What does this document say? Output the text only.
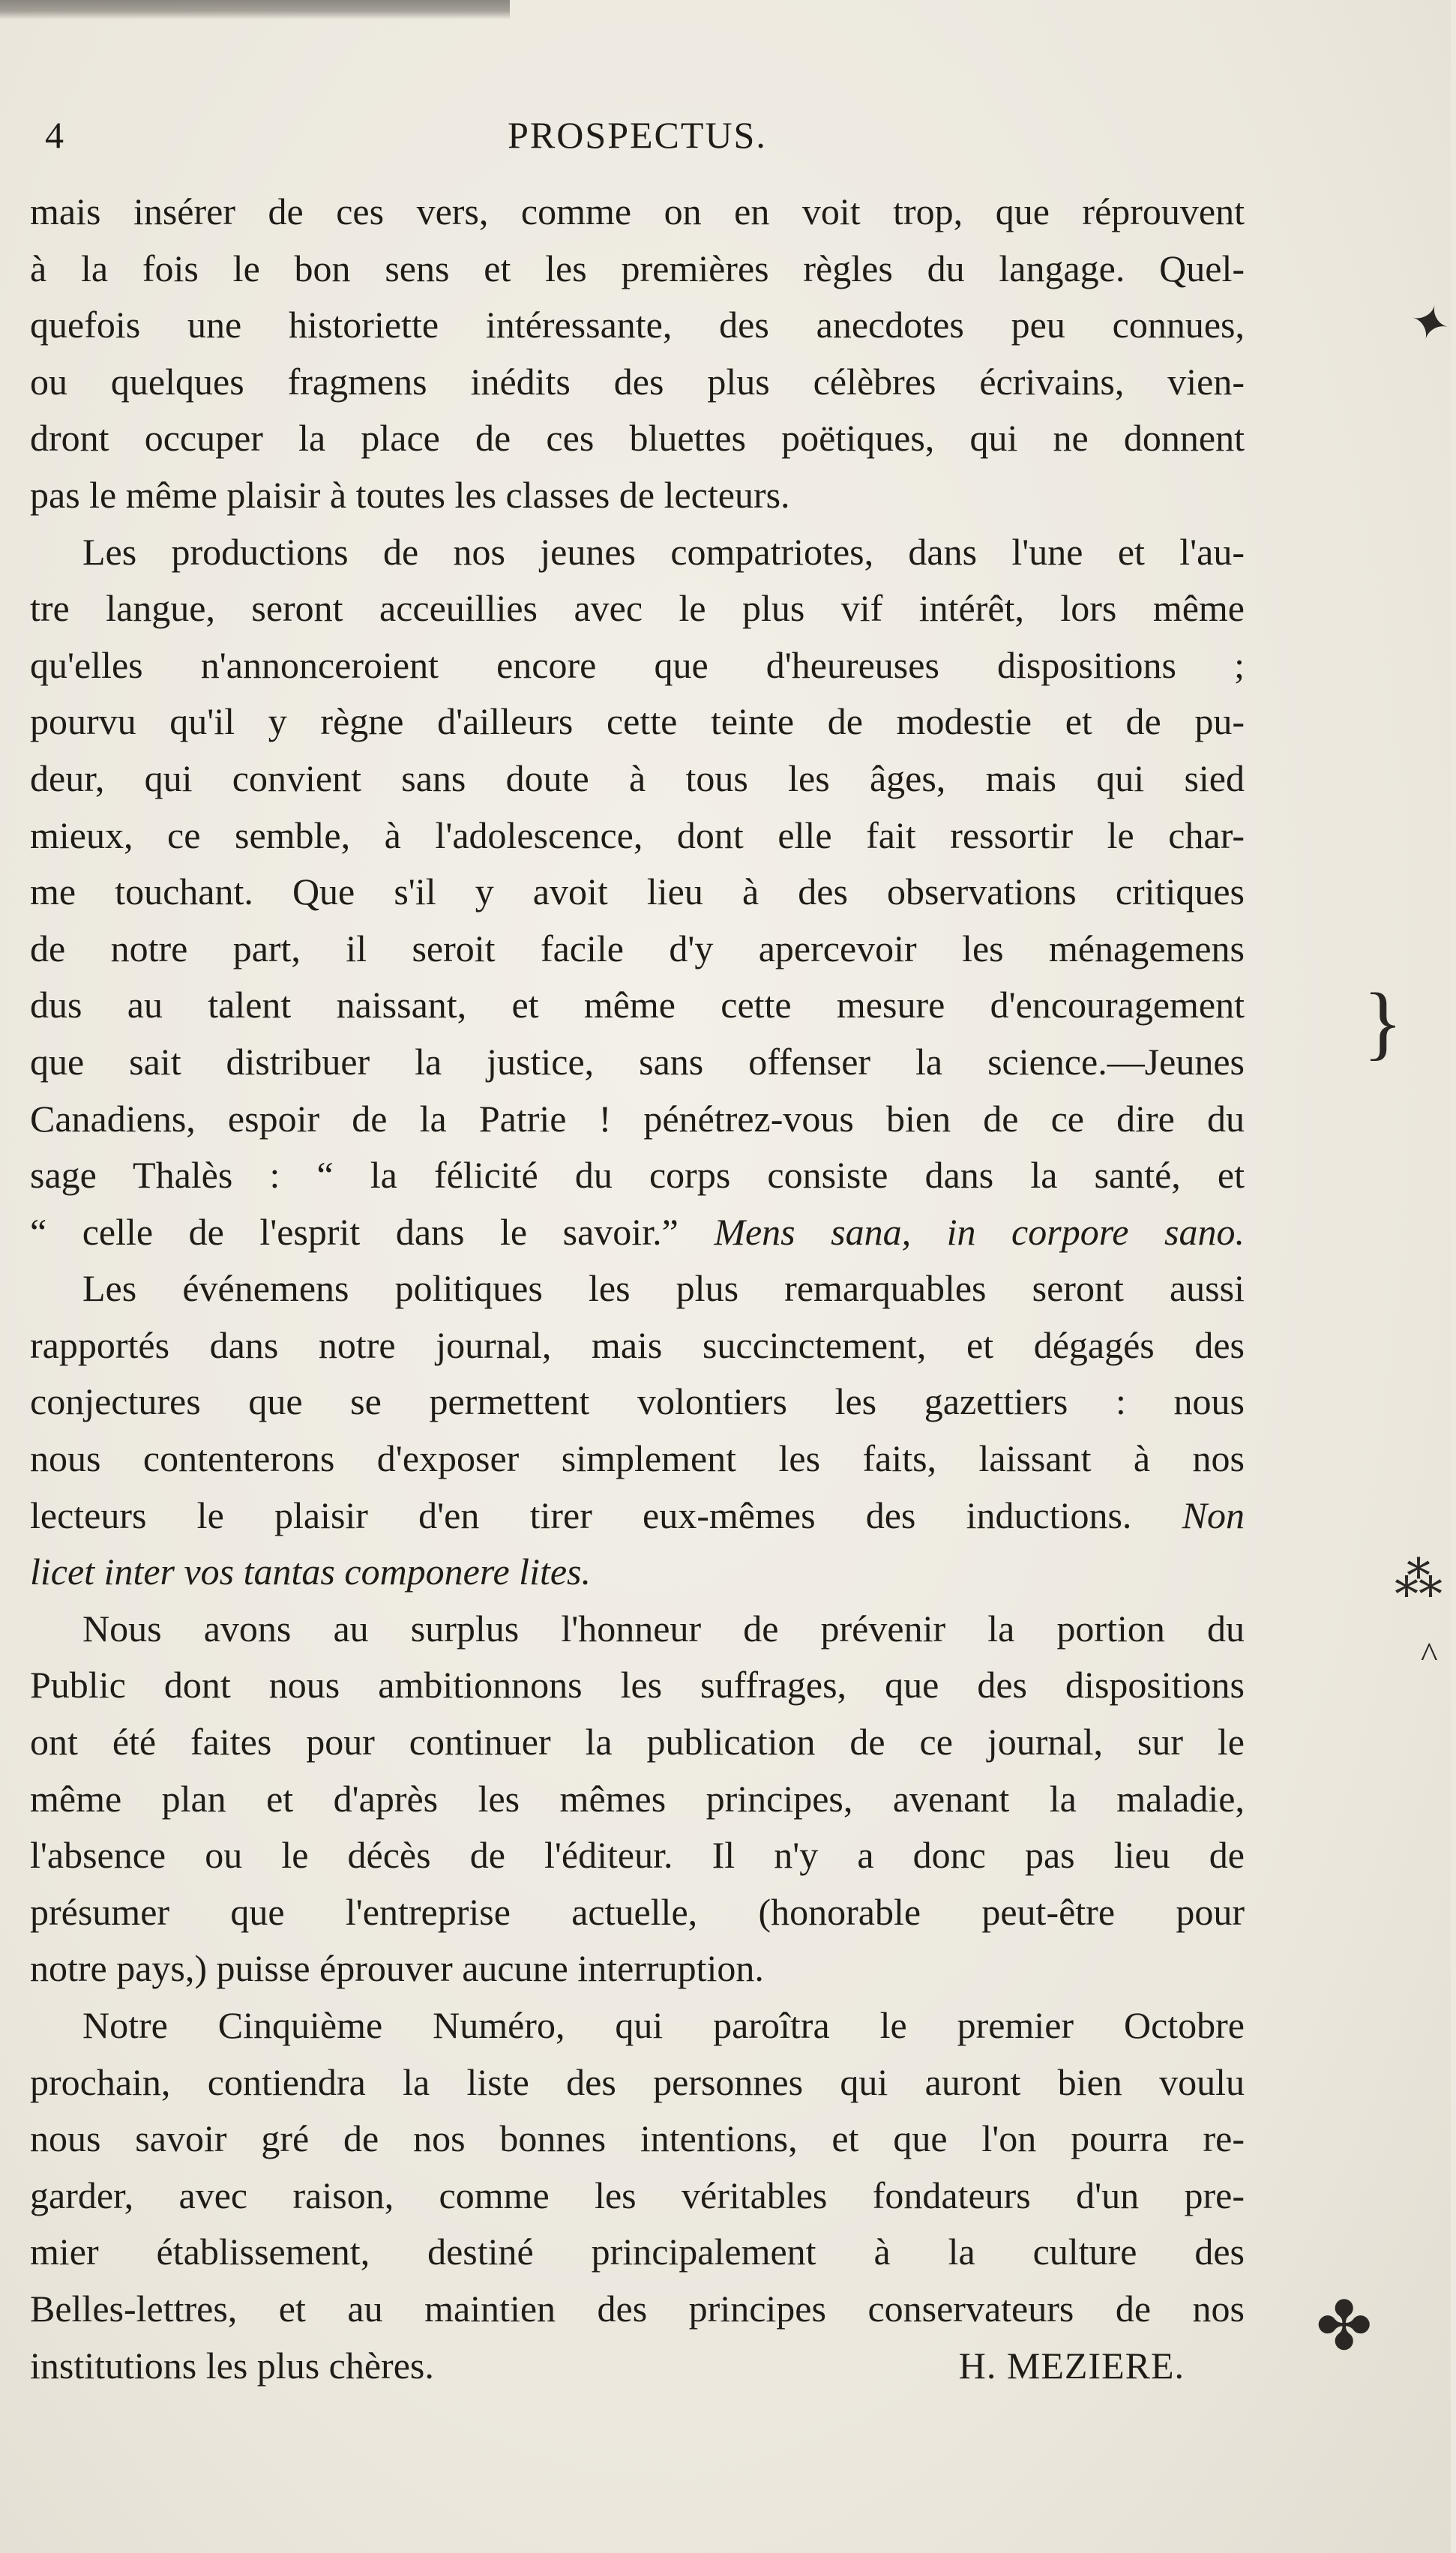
4	PROSPECTUS.
mais insérer de ces vers, comme on en voit trop, que réprouvent
à la fois le bon sens et les premières règles du langage. Quel-
quefois une historiette intéressante, des anecdotes peu connues,
ou quelques fragmens inédits des plus célèbres écrivains, vien-
dront occuper la place de ces bluettes poëtiques, qui ne donnent
pas le même plaisir à toutes les classes de lecteurs.
Les productions de nos jeunes compatriotes, dans l'une et l'au-
tre langue, seront acceuillies avec le plus vif intérêt, lors même
qu'elles n'annonceroient encore que d'heureuses dispositions ;
pourvu qu'il y règne d'ailleurs cette teinte de modestie et de pu-
deur, qui convient sans doute à tous les âges, mais qui sied
mieux, ce semble, à l'adolescence, dont elle fait ressortir le char-
me touchant. Que s'il y avoit lieu à des observations critiques
de notre part, il seroit facile d'y apercevoir les ménagemens
dus au talent naissant, et même cette mesure d'encouragement
que sait distribuer la justice, sans offenser la science.—Jeunes
Canadiens, espoir de la Patrie ! pénétrez-vous bien de ce dire du
sage Thalès : “ la félicité du corps consiste dans la santé, et
“ celle de l'esprit dans le savoir.” Mens sana, in corpore sano.
Les événemens politiques les plus remarquables seront aussi
rapportés dans notre journal, mais succinctement, et dégagés des
conjectures que se permettent volontiers les gazettiers : nous
nous contenterons d'exposer simplement les faits, laissant à nos
lecteurs le plaisir d'en tirer eux-mêmes des inductions. Non
licet inter vos tantas componere lites.
Nous avons au surplus l'honneur de prévenir la portion du
Public dont nous ambitionnons les suffrages, que des dispositions
ont été faites pour continuer la publication de ce journal, sur le
même plan et d'après les mêmes principes, avenant la maladie,
l'absence ou le décès de l'éditeur. Il n'y a donc pas lieu de
présumer que l'entreprise actuelle, (honorable peut-être pour
notre pays,) puisse éprouver aucune interruption.
Notre Cinquième Numéro, qui paroîtra le premier Octobre
prochain, contiendra la liste des personnes qui auront bien voulu
nous savoir gré de nos bonnes intentions, et que l'on pourra re-
garder, avec raison, comme les véritables fondateurs d'un pre-
mier établissement, destiné principalement à la culture des
Belles-lettres, et au maintien des principes conservateurs de nos
institutions les plus chères.	H. MEZIERE.
✦
}
⁂
^
✤
